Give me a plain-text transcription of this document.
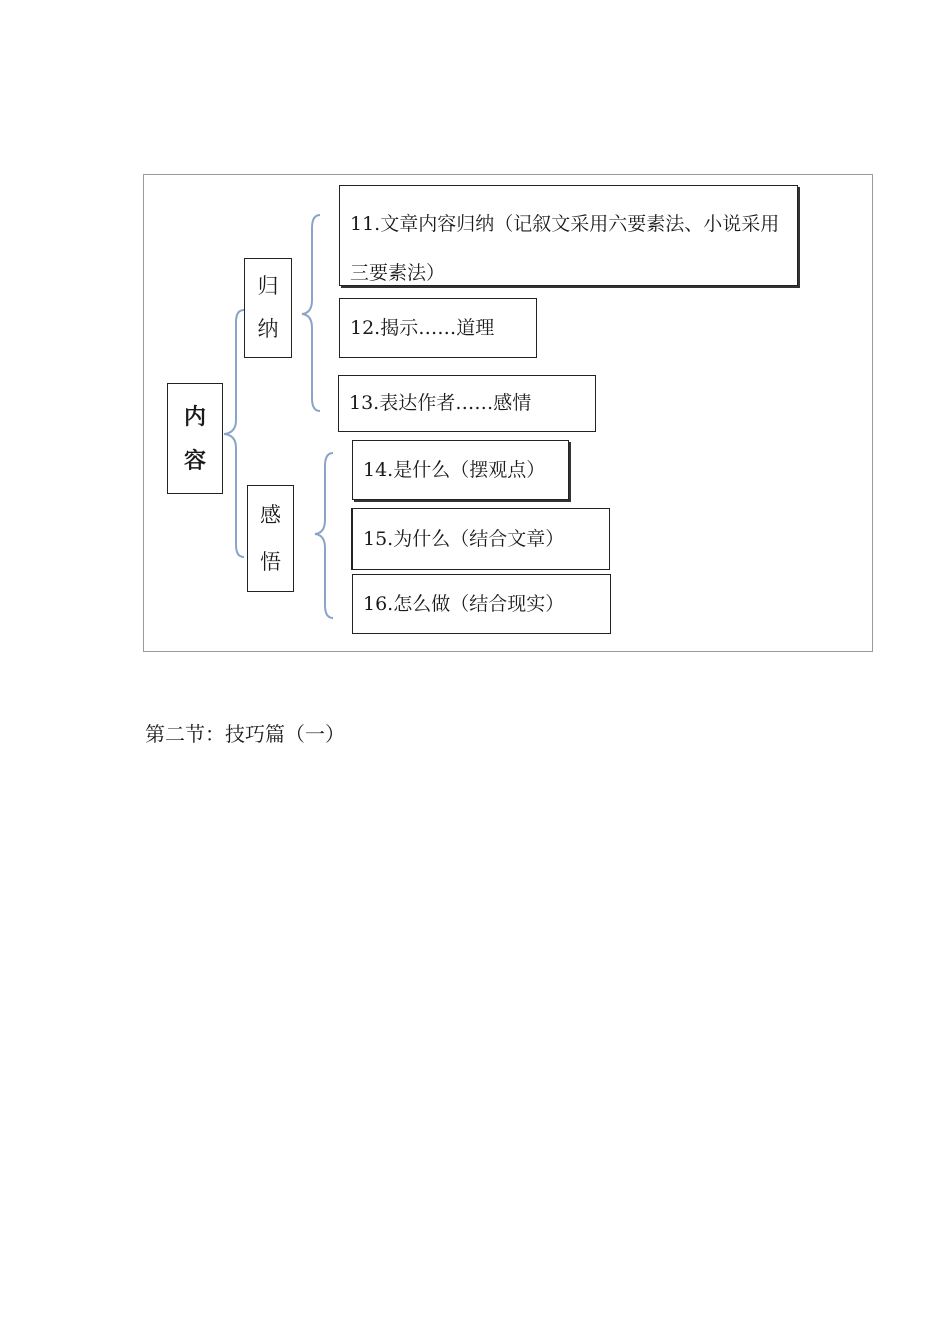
内
容
归
纳
感
悟
11.文章内容归纳（记叙文采用六要素法、小说采用三要素法）
12.揭示……道理
13.表达作者……感情
14.是什么（摆观点）
15.为什么（结合文章）
16.怎么做（结合现实）
第二节：技巧篇（一）
